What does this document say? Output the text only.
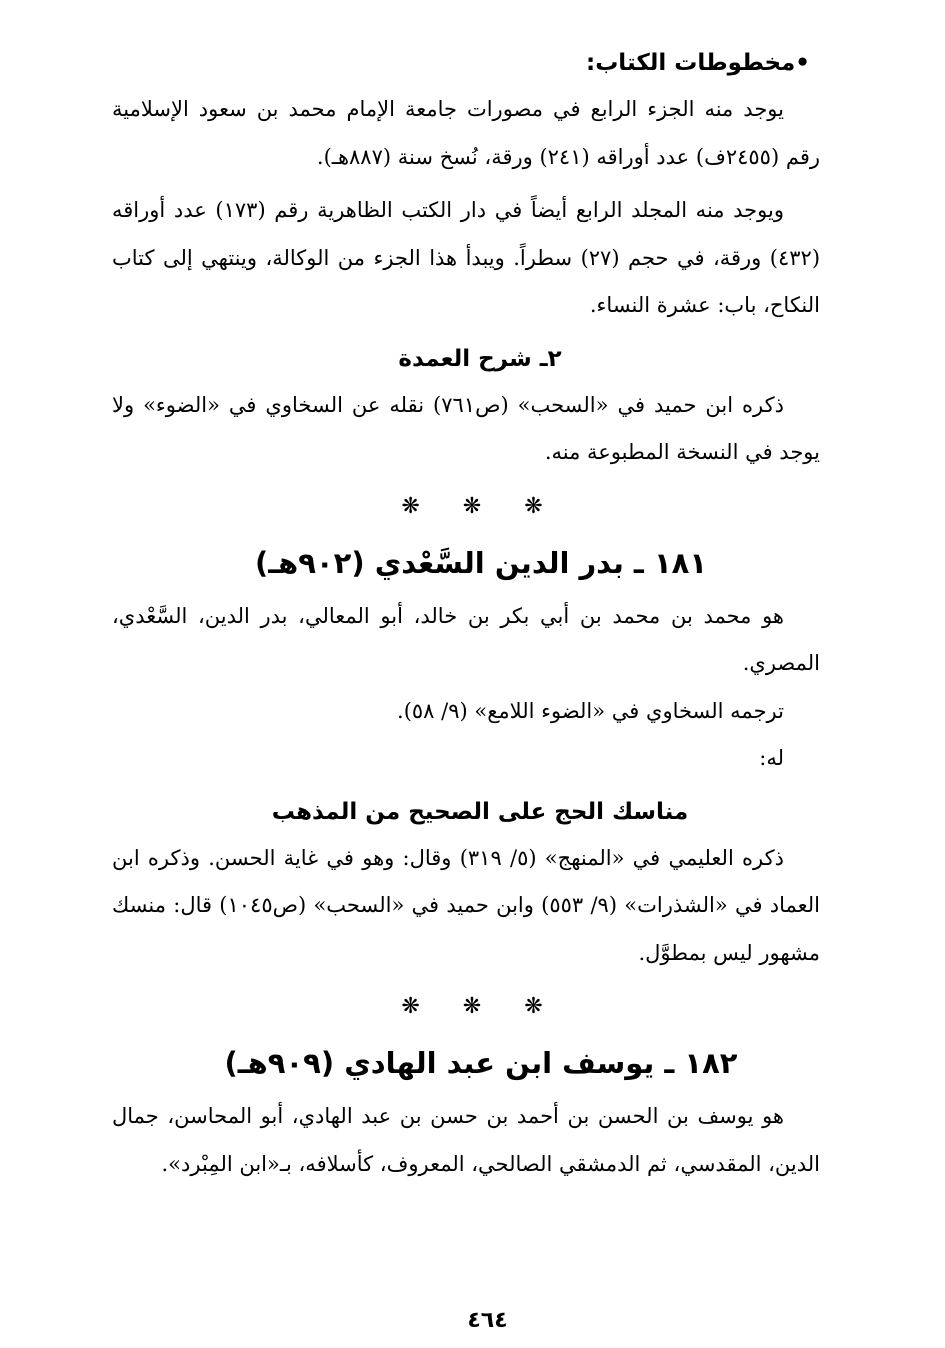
•مخطوطات الكتاب:

يوجد منه الجزء الرابع في مصورات جامعة الإمام محمد بن سعود الإسلامية رقم (٢٤٥٥ف) عدد أوراقه (٢٤١) ورقة، نُسخ سنة (٨٨٧هـ).

ويوجد منه المجلد الرابع أيضاً في دار الكتب الظاهرية رقم (١٧٣) عدد أوراقه (٤٣٢) ورقة، في حجم (٢٧) سطراً. ويبدأ هذا الجزء من الوكالة، وينتهي إلى كتاب النكاح، باب: عشرة النساء.

٢ـ شرح العمدة

ذكره ابن حميد في «السحب» (ص٧٦١) نقله عن السخاوي في «الضوء» ولا يوجد في النسخة المطبوعة منه.

❋ ❋ ❋
١٨١ ـ بدر الدين السَّعْدي (٩٠٢هـ)

هو محمد بن محمد بن أبي بكر بن خالد، أبو المعالي، بدر الدين، السَّعْدي، المصري.

ترجمه السخاوي في «الضوء اللامع» (٩/ ٥٨).

له:

مناسك الحج على الصحيح من المذهب

ذكره العليمي في «المنهج» (٥/ ٣١٩) وقال: وهو في غاية الحسن. وذكره ابن العماد في «الشذرات» (٩/ ٥٥٣) وابن حميد في «السحب» (ص١٠٤٥) قال: منسك مشهور ليس بمطوَّل.

❋ ❋ ❋
١٨٢ ـ يوسف ابن عبد الهادي (٩٠٩هـ)

هو يوسف بن الحسن بن أحمد بن حسن بن عبد الهادي، أبو المحاسن، جمال الدين، المقدسي، ثم الدمشقي الصالحي، المعروف، كأسلافه، بـ«ابن المِبْرد».

٤٦٤
